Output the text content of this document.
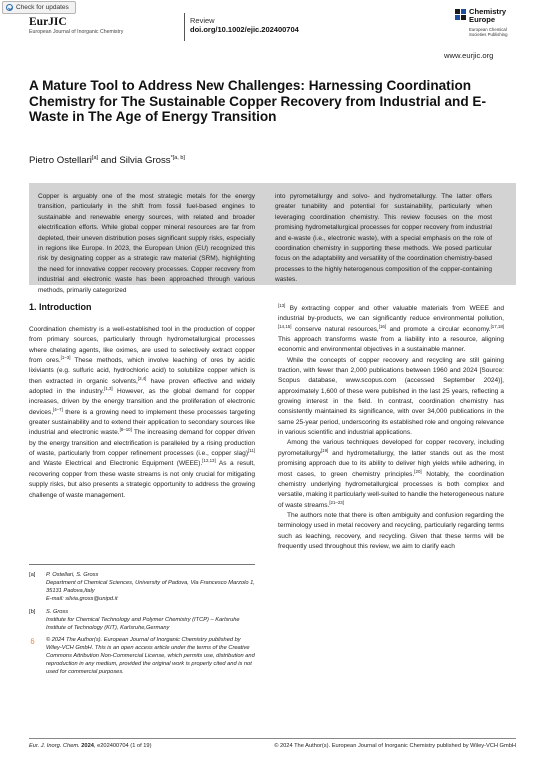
Check for updates
EurJIC
European Journal of Inorganic Chemistry
Review
doi.org/10.1002/ejic.202400704
Chemistry
Europe
European Chemical
Societies Publishing
www.eurjic.org
A Mature Tool to Address New Challenges: Harnessing Coordination Chemistry for The Sustainable Copper Recovery from Industrial and E-Waste in The Age of Energy Transition
Pietro Ostellari[a] and Silvia Gross$^{*[a, b]}$
Copper is arguably one of the most strategic metals for the energy transition, particularly in the shift from fossil fuel-based engines to sustainable and renewable energy sources, with related and broader electrification efforts. While global copper mineral resources are far from depleted, their uneven distribution poses significant supply risks, especially in regions like Europe. In 2023, the European Union (EU) recognized this risk by designating copper as a strategic raw material (SRM), highlighting the need for innovative copper recovery processes. Copper recovery from industrial and electronic waste has been approached through various methods, primarily categorized
into pyrometallurgy and solvo- and hydrometallurgy. The latter offers greater tunability and potential for sustainability, particularly when leveraging coordination chemistry. This review focuses on the most promising hydrometallurgical processes for copper recovery from industrial and e-waste (i.e., electronic waste), with a special emphasis on the role of coordination chemistry in supporting these methods. We posed particular focus on the adaptability and versatility of the coordination chemistry-based processes to the highly heterogenous composition of the copper-containing wastes.
1. Introduction

Coordination chemistry is a well-established tool in the production of copper from primary sources, particularly through hydrometallurgical processes where chelating agents, like oximes, are used to selectively extract copper from ores.[1–3] These methods, which involve leaching of ores by acidic lixiviants (e.g. sulfuric acid, hydrochloric acid) to solubilize copper which is then extracted in organic solvents,[2,4] have proven effective and widely adopted in the industry.[1,3] However, as the global demand for copper increases, driven by the energy transition and the proliferation of electronic devices,[4–7] there is a growing need to implement these processes targeting greater sustainability and to extend their application to secondary sources like industrial and electronic waste.[8–10] The increasing demand for copper driven by the energy transition and electrification is paralleled by a rising production of waste, particularly from copper refinement processes (i.e., copper slag)[11] and Waste Electrical and Electronic Equipment (WEEE).[12,13] As a result, recovering copper from these waste streams is not only crucial for mitigating supply risks, but also presents a strategic opportunity to address the growing challenge of waste management.

[13] By extracting copper and other valuable materials from WEEE and industrial by-products, we can significantly reduce environmental pollution,[14,15] conserve natural resources,[16] and promote a circular economy.[17,18] This approach transforms waste from a liability into a resource, aligning economic and environmental objectives in a sustainable manner.

While the concepts of copper recovery and recycling are still gaining traction, with fewer than 2,000 publications between 1960 and 2024 [Source: Scopus database, www.scopus.com (accessed September 2024)], approximately 1,600 of these were published in the last 25 years, reflecting a growing interest in the field. In contrast, coordination chemistry has consistently maintained its significance, with over 34,000 publications in the same 25-year period, underscoring its established role and ongoing relevance in various scientific and industrial applications.

Among the various techniques developed for copper recovery, including pyrometallurgy[19] and hydrometallurgy, the latter stands out as the most promising approach due to its ability to deliver high yields while adhering, in most cases, to green chemistry principles.[20] Notably, the coordination chemistry underlying hydrometallurgical processes is both complex and versatile, making it particularly well-suited to handle the heterogeneous nature of waste streams.[21–23]

The authors note that there is often ambiguity and confusion regarding the terminology used in metal recovery and recycling, particularly regarding terms such as leaching, recovery, and recycling. Given that these terms will be frequently used throughout this review, we aim to clarify each

[a] P. Ostellari, S. Gross
Department of Chemical Sciences, University of Padova, Via Francesco Marzolo 1, 35131 Padova,Italy
E-mail: silvia.gross@unipd.it
[b] S. Gross
Institute for Chemical Technology and Polymer Chemistry (ITCP) – Karlsruhe Institute of Technology (KIT), Karlsruhe,Germany
© 2024 The Author(s). European Journal of Inorganic Chemistry published by Wiley-VCH GmbH. This is an open access article under the terms of the Creative Commons Attribution Non-Commercial License, which permits use, distribution and reproduction in any medium, provided the original work is properly cited and is not used for commercial purposes.
Eur. J. Inorg. Chem. 2024, e202400704 (1 of 19)	© 2024 The Author(s). European Journal of Inorganic Chemistry published by Wiley-VCH GmbH
